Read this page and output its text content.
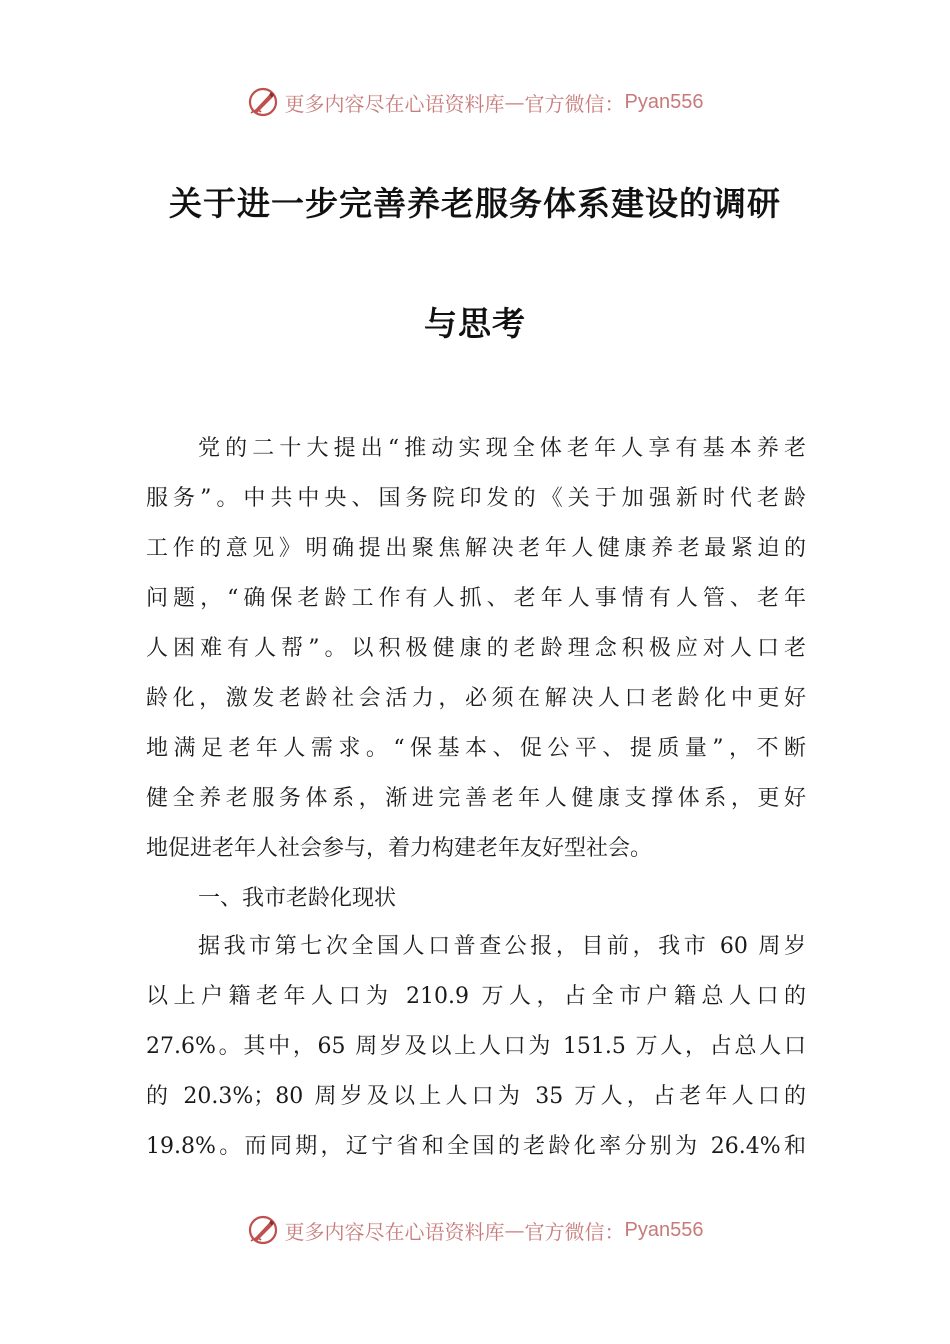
更多内容尽在心语资料库 — 官方微信： Pyan556
关于进一步完善养老服务体系建设的调研
与思考
党的二十大提出“推动实现全体老年人享有基本养老
服务”。中共中央、国务院印发的《关于加强新时代老龄
工作的意见》明确提出聚焦解决老年人健康养老最紧迫的
问题，“确保老龄工作有人抓、老年人事情有人管、老年
人困难有人帮”。以积极健康的老龄理念积极应对人口老
龄化，激发老龄社会活力，必须在解决人口老龄化中更好
地满足老年人需求。“保基本、促公平、提质量”，不断
健全养老服务体系，渐进完善老年人健康支撑体系，更好
地促进老年人社会参与，着力构建老年友好型社会。
一、我市老龄化现状
据我市第七次全国人口普查公报，目前，我市 60 周岁
以上户籍老年人口为 210.9 万人，占全市户籍总人口的
27.6%。其中，65 周岁及以上人口为 151.5 万人，占总人口
的 20.3%；80 周岁及以上人口为 35 万人，占老年人口的
19.8%。而同期，辽宁省和全国的老龄化率分别为 26.4%和
更多内容尽在心语资料库 — 官方微信： Pyan556
